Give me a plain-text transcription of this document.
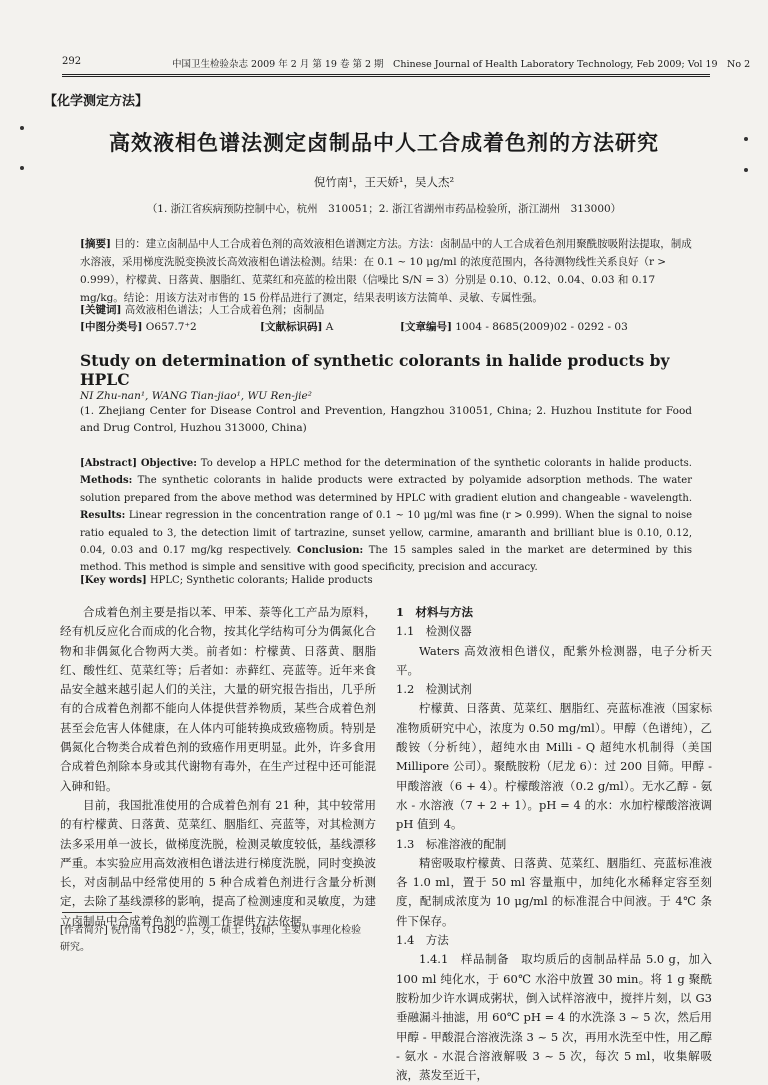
292	中国卫生检验杂志 2009 年 2 月 第 19 卷 第 2 期　Chinese Journal of Health Laboratory Technology, Feb 2009; Vol 19　No 2
【化学测定方法】
高效液相色谱法测定卤制品中人工合成着色剂的方法研究
倪竹南¹，王天娇¹，吴人杰²
（1. 浙江省疾病预防控制中心，杭州　310051；2. 浙江省湖州市药品检验所，浙江湖州　313000）
[摘要] 目的：建立卤制品中人工合成着色剂的高效液相色谱测定方法。方法：卤制品中的人工合成着色剂用聚酰胺吸附法提取，制成水溶液，采用梯度洗脱变换波长高效液相色谱法检测。结果：在 0.1 ~ 10 μg/ml 的浓度范围内，各待测物线性关系良好（r > 0.999），柠檬黄、日落黄、胭脂红、苋菜红和亮蓝的检出限（信噪比 S/N = 3）分别是 0.10、0.12、0.04、0.03 和 0.17 mg/kg。结论：用该方法对市售的 15 份样品进行了测定，结果表明该方法简单、灵敏、专属性强。
[关键词] 高效液相色谱法；人工合成着色剂；卤制品
[中图分类号] O657.7⁺2	[文献标识码] A	[文章编号] 1004 - 8685(2009)02 - 0292 - 03
Study on determination of synthetic colorants in halide products by HPLC
NI Zhu-nan¹, WANG Tian-jiao¹, WU Ren-jie²
(1. Zhejiang Center for Disease Control and Prevention, Hangzhou 310051, China; 2. Huzhou Institute for Food and Drug Control, Huzhou 313000, China)
[Abstract] Objective: To develop a HPLC method for the determination of the synthetic colorants in halide products. Methods: The synthetic colorants in halide products were extracted by polyamide adsorption methods. The water solution prepared from the above method was determined by HPLC with gradient elution and changeable - wavelength. Results: Linear regression in the concentration range of 0.1 ~ 10 μg/ml was fine (r > 0.999). When the signal to noise ratio equaled to 3, the detection limit of tartrazine, sunset yellow, carmine, amaranth and brilliant blue is 0.10, 0.12, 0.04, 0.03 and 0.17 mg/kg respectively. Conclusion: The 15 samples saled in the market are determined by this method. This method is simple and sensitive with good specificity, precision and accuracy.
[Key words] HPLC; Synthetic colorants; Halide products

合成着色剂主要是指以苯、甲苯、萘等化工产品为原料，经有机反应化合而成的化合物，按其化学结构可分为偶氮化合物和非偶氮化合物两大类。前者如：柠檬黄、日落黄、胭脂红、酸性红、苋菜红等；后者如：赤藓红、亮蓝等。近年来食品安全越来越引起人们的关注，大量的研究报告指出，几乎所有的合成着色剂都不能向人体提供营养物质，某些合成着色剂甚至会危害人体健康，在人体内可能转换成致癌物质。特别是偶氮化合物类合成着色剂的致癌作用更明显。此外，许多食用合成着色剂除本身或其代谢物有毒外，在生产过程中还可能混入砷和铅。

目前，我国批准使用的合成着色剂有 21 种，其中较常用的有柠檬黄、日落黄、苋菜红、胭脂红、亮蓝等，对其检测方法多采用单一波长，做梯度洗脱，检测灵敏度较低，基线漂移严重。本实验应用高效液相色谱法进行梯度洗脱，同时变换波长，对卤制品中经常使用的 5 种合成着色剂进行含量分析测定，去除了基线漂移的影响，提高了检测速度和灵敏度，为建立卤制品中合成着色剂的监测工作提供方法依据。

[作者简介] 倪竹南（1982 - ），女，硕士，技师，主要从事理化检验研究。

1　材料与方法

1.1　检测仪器

Waters 高效液相色谱仪，配紫外检测器，电子分析天平。

1.2　检测试剂

柠檬黄、日落黄、苋菜红、胭脂红、亮蓝标准液（国家标准物质研究中心，浓度为 0.50 mg/ml）。甲醇（色谱纯），乙酸铵（分析纯），超纯水由 Milli - Q 超纯水机制得（美国 Millipore 公司）。聚酰胺粉（尼龙 6）：过 200 目筛。甲醇 - 甲酸溶液（6 + 4）。柠檬酸溶液（0.2 g/ml）。无水乙醇 - 氨水 - 水溶液（7 + 2 + 1）。pH = 4 的水：水加柠檬酸溶液调 pH 值到 4。

1.3　标准溶液的配制

精密吸取柠檬黄、日落黄、苋菜红、胭脂红、亮蓝标准液各 1.0 ml，置于 50 ml 容量瓶中，加纯化水稀释定容至刻度，配制成浓度为 10 μg/ml 的标准混合中间液。于 4℃ 条件下保存。

1.4　方法

1.4.1　样品制备　取均质后的卤制品样品 5.0 g，加入 100 ml 纯化水，于 60℃ 水浴中放置 30 min。将 1 g 聚酰胺粉加少许水调成粥状，倒入试样溶液中，搅拌片刻，以 G3 垂融漏斗抽滤，用 60℃ pH = 4 的水洗涤 3 ~ 5 次，然后用甲醇 - 甲酸混合溶液洗涤 3 ~ 5 次，再用水洗至中性，用乙醇 - 氨水 - 水混合溶液解吸 3 ~ 5 次，每次 5 ml，收集解吸液，蒸发至近干，
